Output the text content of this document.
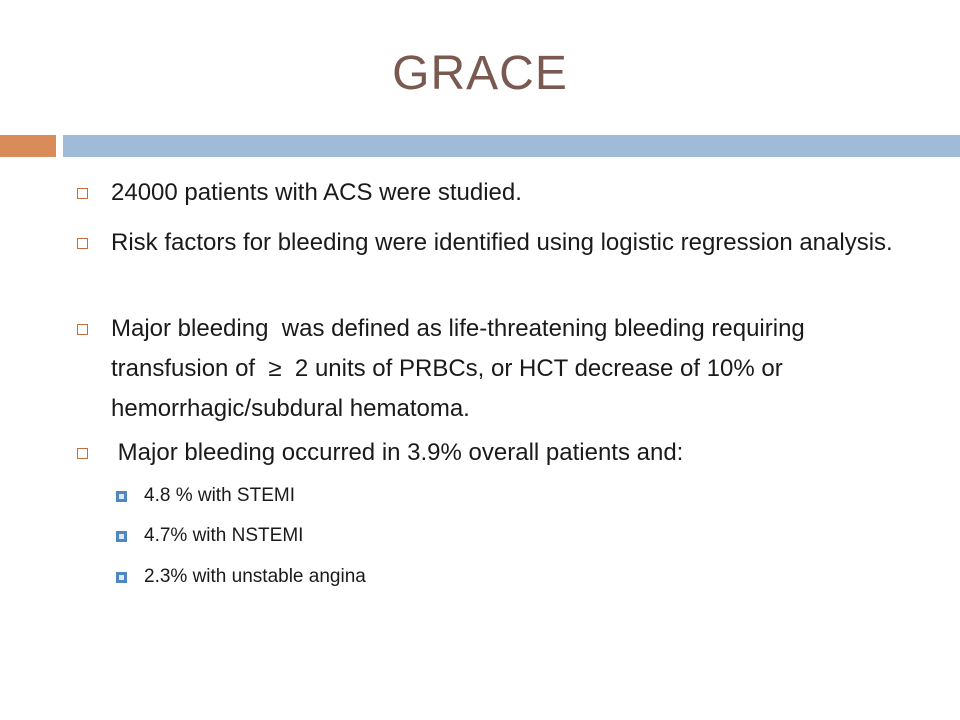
GRACE
24000 patients with ACS were studied.
Risk factors for bleeding were identified using logistic regression analysis.
Major bleeding  was defined as life-threatening bleeding requiring transfusion of  ≥  2 units of PRBCs, or HCT decrease of 10% or hemorrhagic/subdural hematoma.
Major bleeding occurred in 3.9% overall patients and:
4.8 % with STEMI
4.7% with NSTEMI
2.3% with unstable angina
